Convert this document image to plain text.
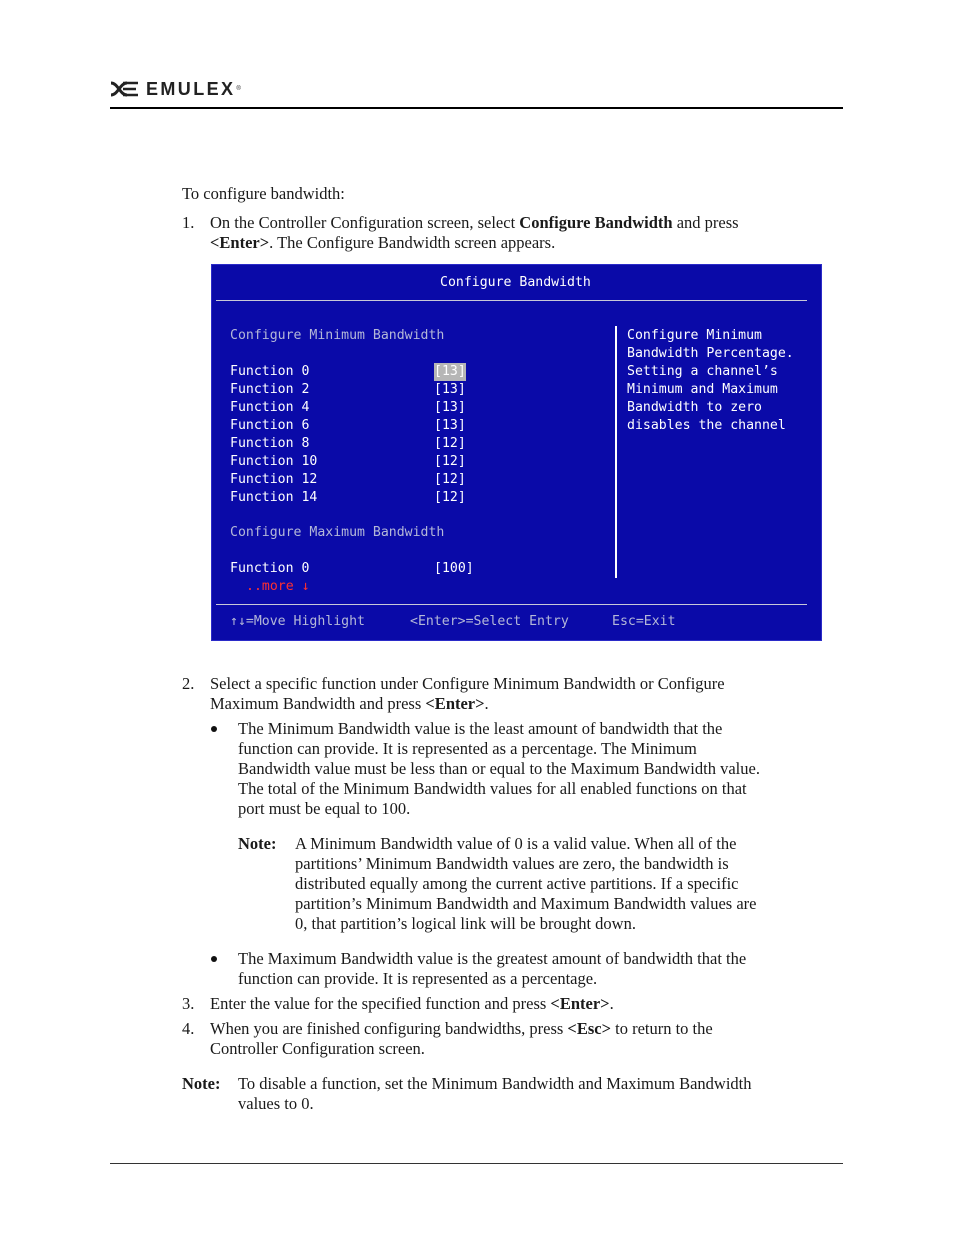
EMULEX ®

To configure bandwidth:

1. On the Controller Configuration screen, select Configure Bandwidth and press

<Enter>. The Configure Bandwidth screen appears.

Configure Bandwidth
Configure Minimum Bandwidth
Function 0	[13]
Function 2	[13]
Function 4	[13]
Function 6	[13]
Function 8	[12]
Function 10	[12]
Function 12	[12]
Function 14	[12]
Configure Maximum Bandwidth
Function 0	[100]
..more ↓
Configure Minimum
Bandwidth Percentage.
Setting a channel’s
Minimum and Maximum
Bandwidth to zero
disables the channel
↑↓=Move Highlight	<Enter>=Select Entry	Esc=Exit
2. Select a specific function under Configure Minimum Bandwidth or Configure

Maximum Bandwidth and press <Enter>.

The Minimum Bandwidth value is the least amount of bandwidth that the

function can provide. It is represented as a percentage. The Minimum

Bandwidth value must be less than or equal to the Maximum Bandwidth value.

The total of the Minimum Bandwidth values for all enabled functions on that

port must be equal to 100.

Note: A Minimum Bandwidth value of 0 is a valid value. When all of the

partitions’ Minimum Bandwidth values are zero, the bandwidth is

distributed equally among the current active partitions. If a specific

partition’s Minimum Bandwidth and Maximum Bandwidth values are

0, that partition’s logical link will be brought down.

The Maximum Bandwidth value is the greatest amount of bandwidth that the

function can provide. It is represented as a percentage.

3. Enter the value for the specified function and press <Enter>.

4. When you are finished configuring bandwidths, press <Esc> to return to the

Controller Configuration screen.

Note: To disable a function, set the Minimum Bandwidth and Maximum Bandwidth

values to 0.
